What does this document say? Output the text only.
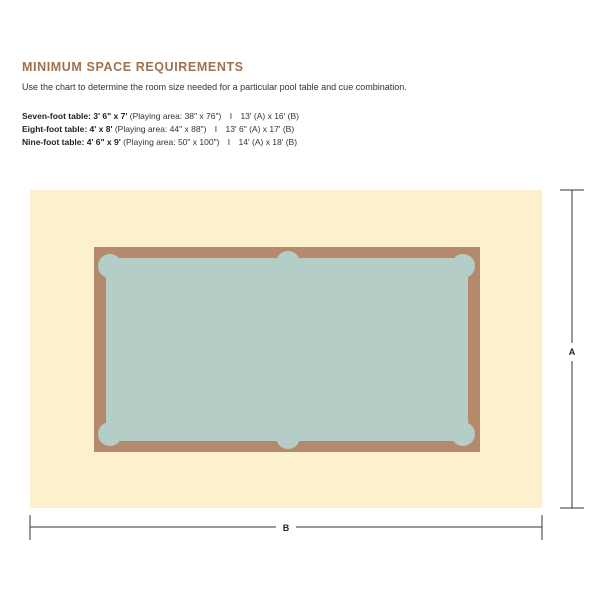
MINIMUM SPACE REQUIREMENTS

Use the chart to determine the room size needed for a particular pool table and cue combination.

Seven-foot table: 3' 6" x 7' (Playing area: 38" x 76") I 13' (A) x 16' (B)
Eight-foot table: 4' x 8' (Playing area: 44" x 88") I 13' 6" (A) x 17' (B)
Nine-foot table: 4' 6" x 9' (Playing area: 50" x 100") I 14' (A) x 18' (B)
A
B
